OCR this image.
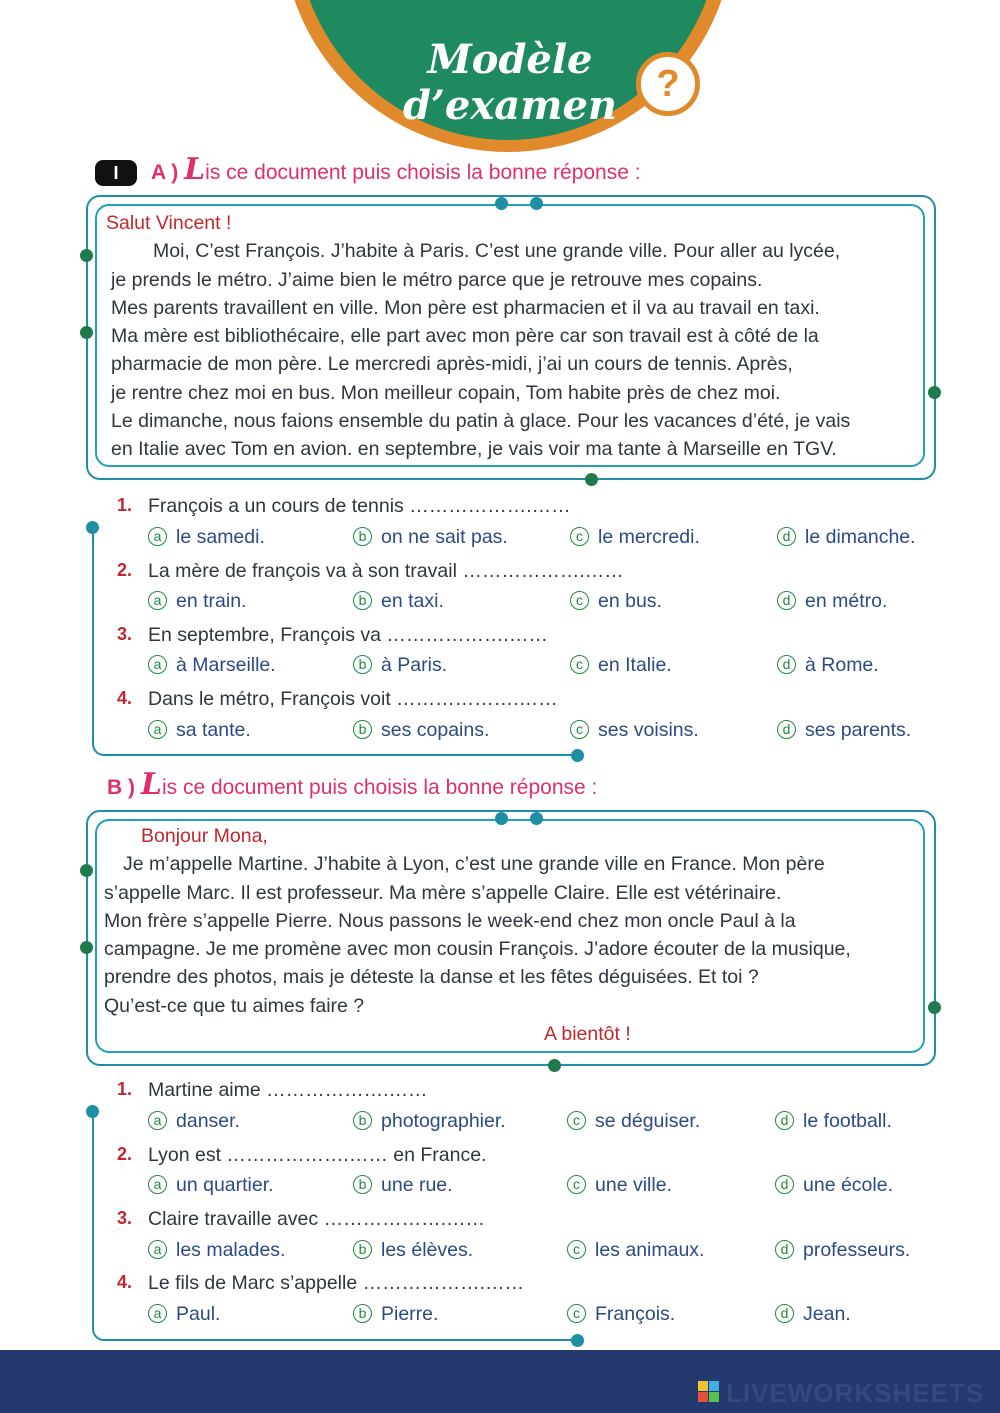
Modèle
d’examen	?
I	A ) Lis ce document puis choisis la bonne réponse :

Salut Vincent !

Moi, C’est François. J’habite à Paris. C’est une grande ville. Pour aller au lycée,

je prends le métro. J’aime bien le métro parce que je retrouve mes copains.

Mes parents travaillent en ville. Mon père est pharmacien et il va au travail en taxi.

Ma mère est bibliothécaire, elle part avec mon père car son travail est à côté de la

pharmacie de mon père. Le mercredi après-midi, j’ai un cours de tennis. Après,

je rentre chez moi en bus. Mon meilleur copain, Tom habite près de chez moi.

Le dimanche, nous faions ensemble du patin à glace. Pour les vacances d’été, je vais

en Italie avec Tom en avion. en septembre, je vais voir ma tante à Marseille en TGV.

1. François a un cours de tennis ……………….……
a le samedi.	b on ne sait pas.	c le mercredi.	d le dimanche.
2. La mère de françois va à son travail ……………….……
a en train.	b en taxi.	c en bus.	d en métro.
3. En septembre, François va ……………….……
a à Marseille.	b à Paris.	c en Italie.	d à Rome.
4. Dans le métro, François voit ……………….……
a sa tante.	b ses copains.	c ses voisins.	d ses parents.
B ) Lis ce document puis choisis la bonne réponse :

Bonjour Mona,

Je m’appelle Martine. J’habite à Lyon, c’est une grande ville en France. Mon père

s’appelle Marc. Il est professeur. Ma mère s’appelle Claire. Elle est vétérinaire.

Mon frère s’appelle Pierre. Nous passons le week-end chez mon oncle Paul à la

campagne. Je me promène avec mon cousin François. J’adore écouter de la musique,

prendre des photos, mais je déteste la danse et les fêtes déguisées. Et toi ?

Qu’est-ce que tu aimes faire ?

A bientôt !

1. Martine aime ……………….……
a danser.	b photographier.	c se déguiser.	d le football.
2. Lyon est ……………….…… en France.
a un quartier.	b une rue.	c une ville.	d une école.
3. Claire travaille avec ……………….……
a les malades.	b les élèves.	c les animaux.	d professeurs.
4. Le fils de Marc s’appelle ……………….……
a Paul.	b Pierre.	c François.	d Jean.
LIVEWORKSHEETS
